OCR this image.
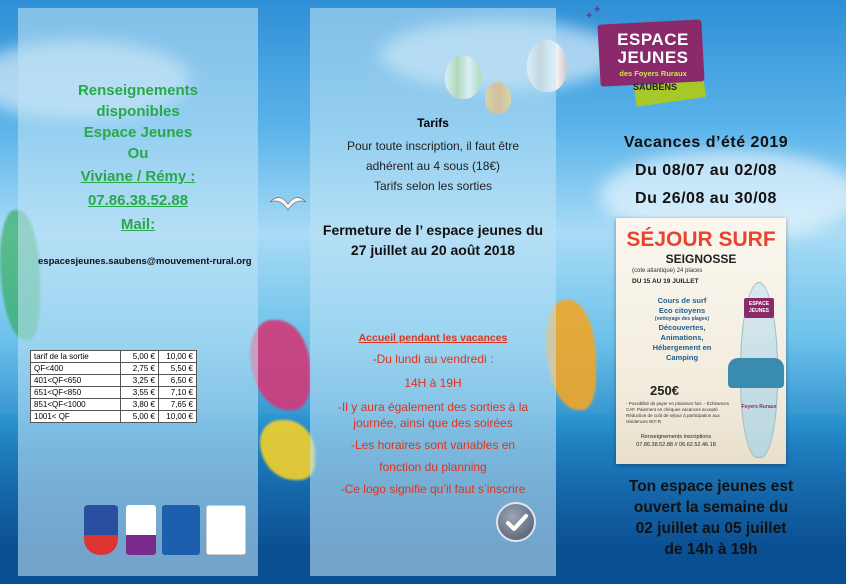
Renseignements
disponibles
Espace Jeunes
Ou
Viviane / Rémy :
07.86.38.52.88
Mail:
espacesjeunes.saubens@mouvement-rural.org
tarif de la sortie	5,00 €	10,00 €
QF<400	2,75 €	5,50 €
401<QF<650	3,25 €	6,50 €
651<QF<850	3,55 €	7,10 €
851<QF<1000	3,80 €	7,65 €
1001< QF	5,00 €	10,00 €
Tarifs
Pour toute inscription, il faut être
adhérent au 4 sous (18€)
Tarifs selon les sorties
Fermeture de l’ espace jeunes du
27 juillet au 20 août 2018
Accueil pendant les vacances
-Du lundi au vendredi :
14H à 19H
-Il y aura également des sorties à la
journée, ainsi que des soirées
-Les horaires sont variables en
fonction du planning
-Ce logo signifie qu’il faut s’inscrire
+ +
ESPACE
JEUNES
des Foyers Ruraux
SAUBENS
Vacances d’été 2019
Du 08/07 au 02/08
Du 26/08 au 30/08
ESPACE
JEUNES
Foyers Ruraux
SÉJOUR SURF
SEIGNOSSE
(cote atlantique) 24 places
DU 15 AU 19 JUILLET
Cours de surf
Eco citoyens
(nettoyage des plages)
Découvertes,
Animations,
Hébergement en
Camping
250€
- Possibilité de payer en plusieurs fois. - Échéances CAF. Paiement en chèques vacances accepté. Réduction de coût de séjour à participation aux résidences W.F.R.
Renseignements inscriptions
07.86.38.52.88 // 06.62.52.46.18
Ton espace jeunes est
ouvert la semaine du
02 juillet au 05 juillet
de 14h à 19h
